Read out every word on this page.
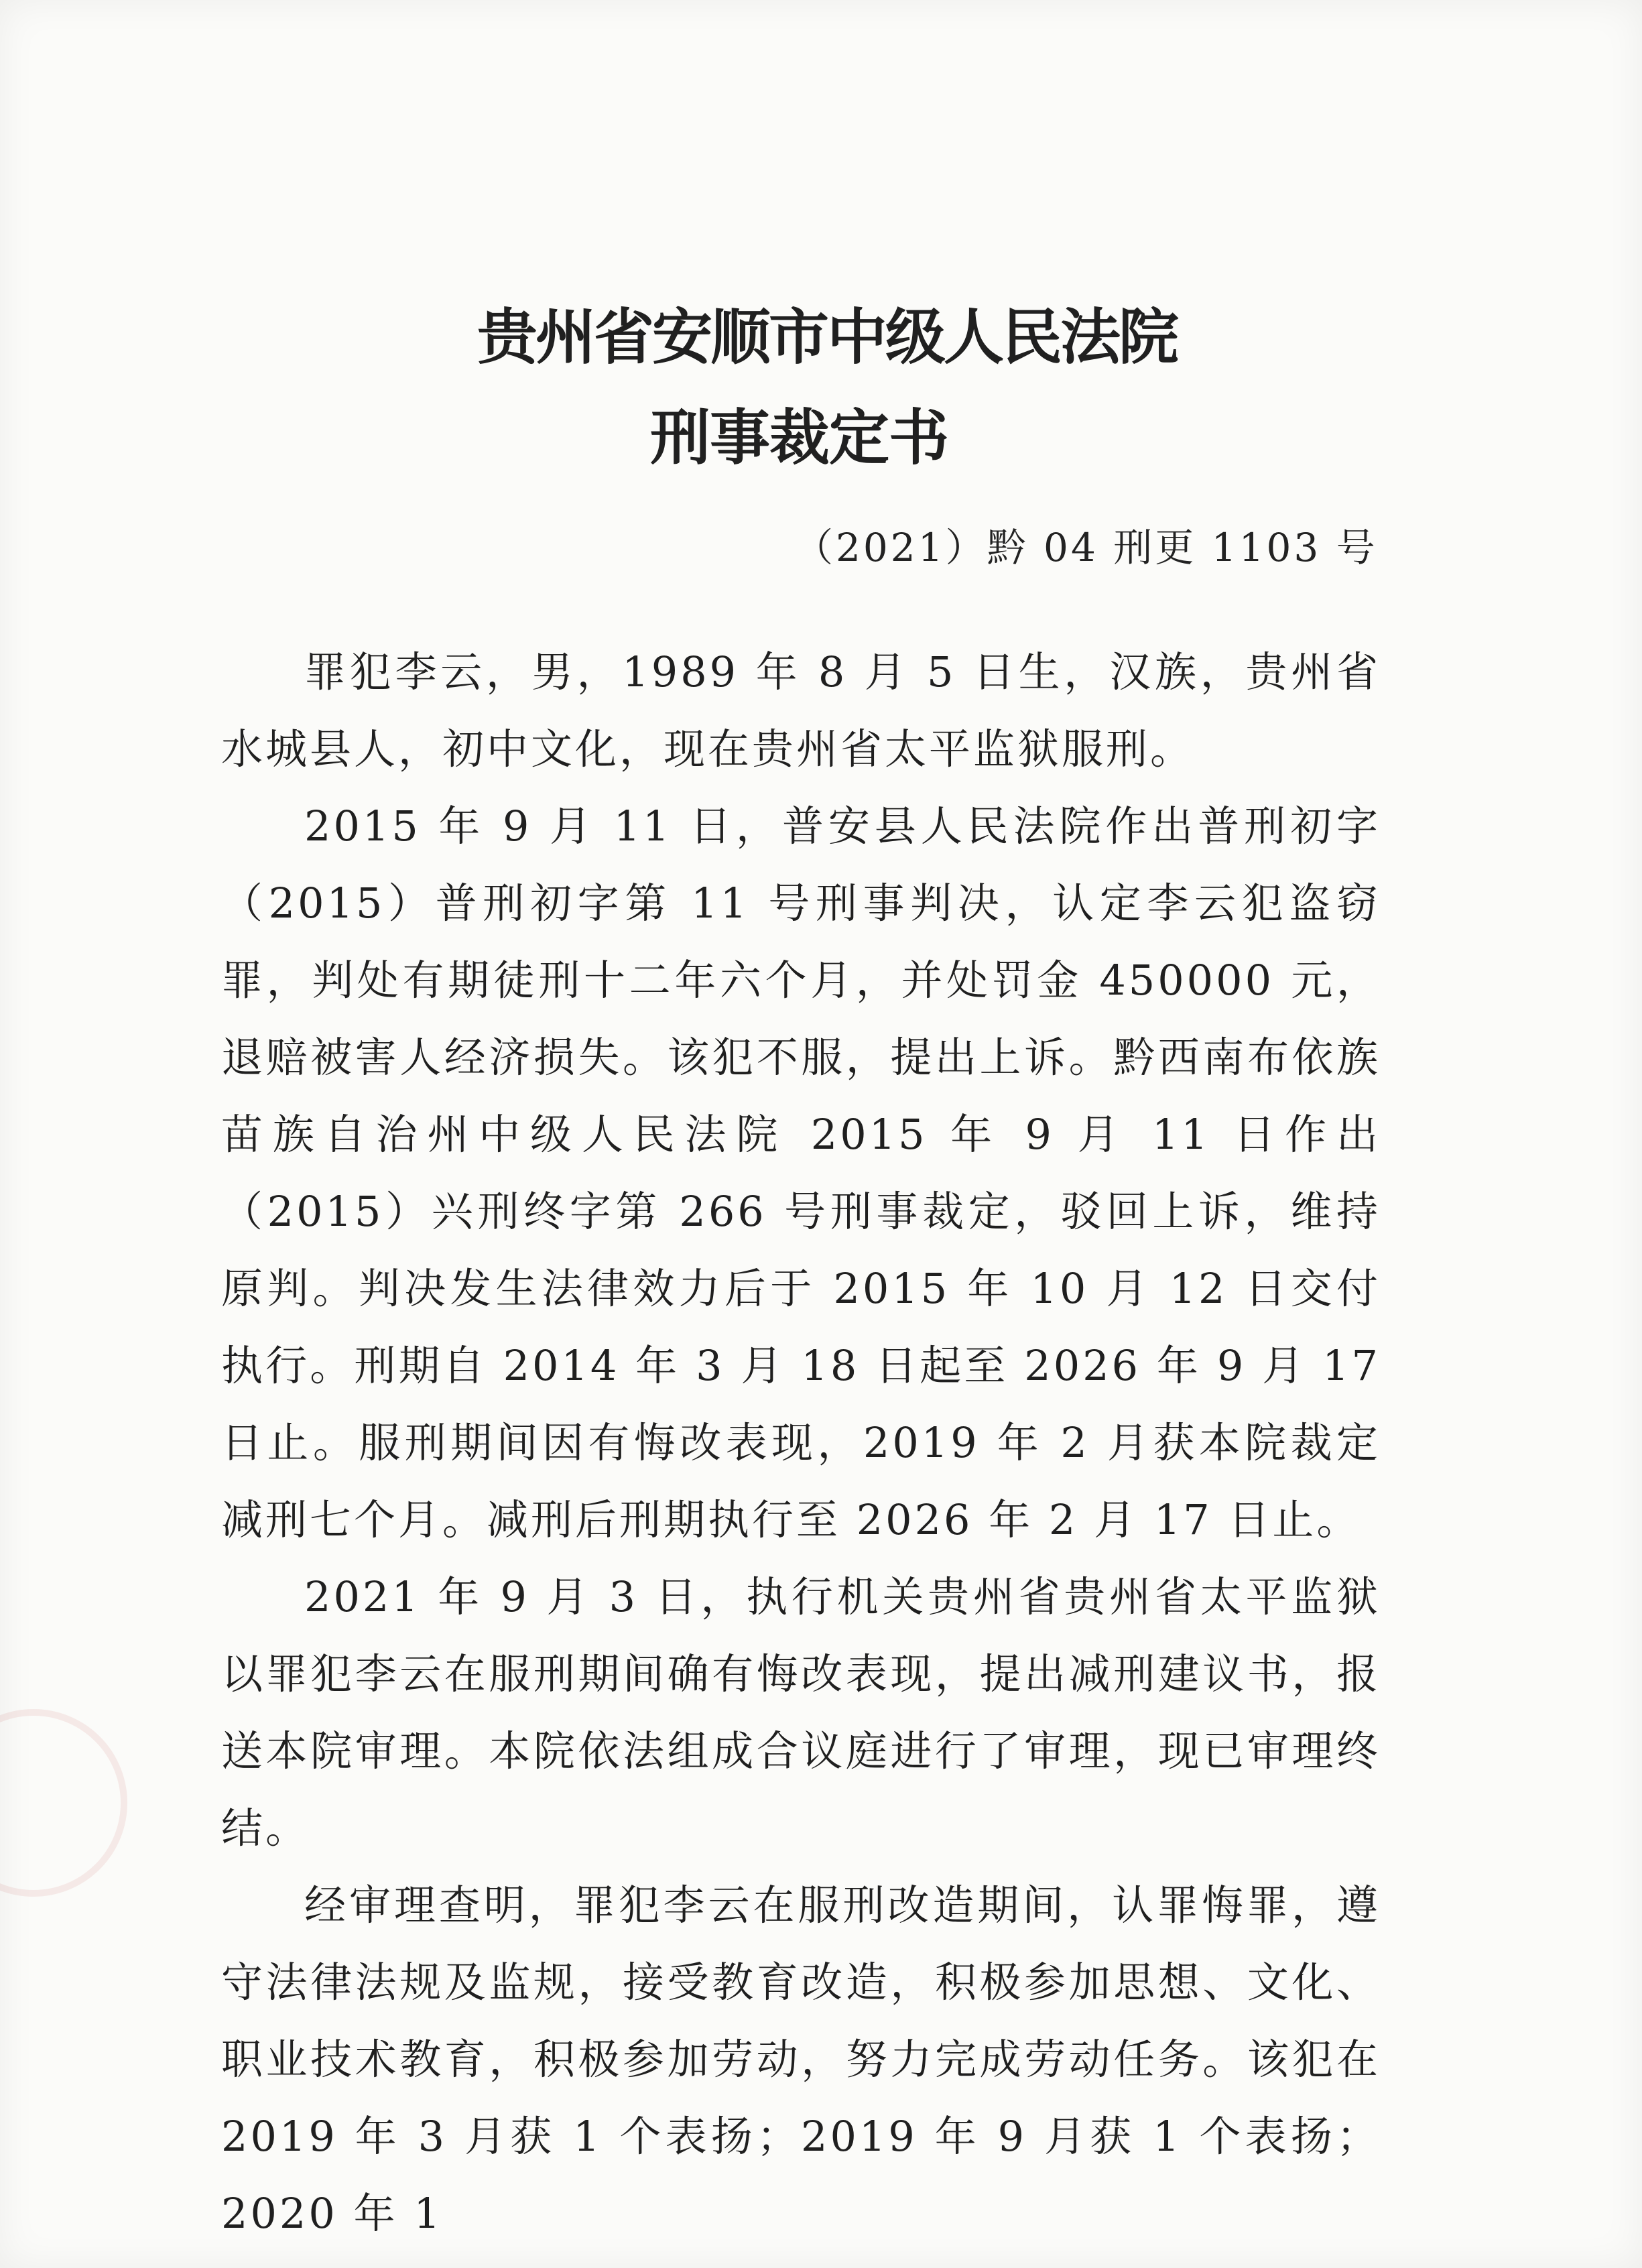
贵州省安顺市中级人民法院
刑事裁定书
（2021）黔 04 刑更 1103 号

罪犯李云，男，1989 年 8 月 5 日生，汉族，贵州省水城县人，初中文化，现在贵州省太平监狱服刑。

2015 年 9 月 11 日，普安县人民法院作出普刑初字（2015）普刑初字第 11 号刑事判决，认定李云犯盗窃罪，判处有期徒刑十二年六个月，并处罚金 450000 元，退赔被害人经济损失。该犯不服，提出上诉。黔西南布依族苗族自治州中级人民法院 2015 年 9 月 11 日作出（2015）兴刑终字第 266 号刑事裁定，驳回上诉，维持原判。判决发生法律效力后于 2015 年 10 月 12 日交付执行。刑期自 2014 年 3 月 18 日起至 2026 年 9 月 17 日止。服刑期间因有悔改表现，2019 年 2 月获本院裁定减刑七个月。减刑后刑期执行至 2026 年 2 月 17 日止。

2021 年 9 月 3 日，执行机关贵州省贵州省太平监狱以罪犯李云在服刑期间确有悔改表现，提出减刑建议书，报送本院审理。本院依法组成合议庭进行了审理，现已审理终结。

经审理查明，罪犯李云在服刑改造期间，认罪悔罪，遵守法律法规及监规，接受教育改造，积极参加思想、文化、职业技术教育，积极参加劳动，努力完成劳动任务。该犯在 2019 年 3 月获 1 个表扬；2019 年 9 月获 1 个表扬；2020 年 1
